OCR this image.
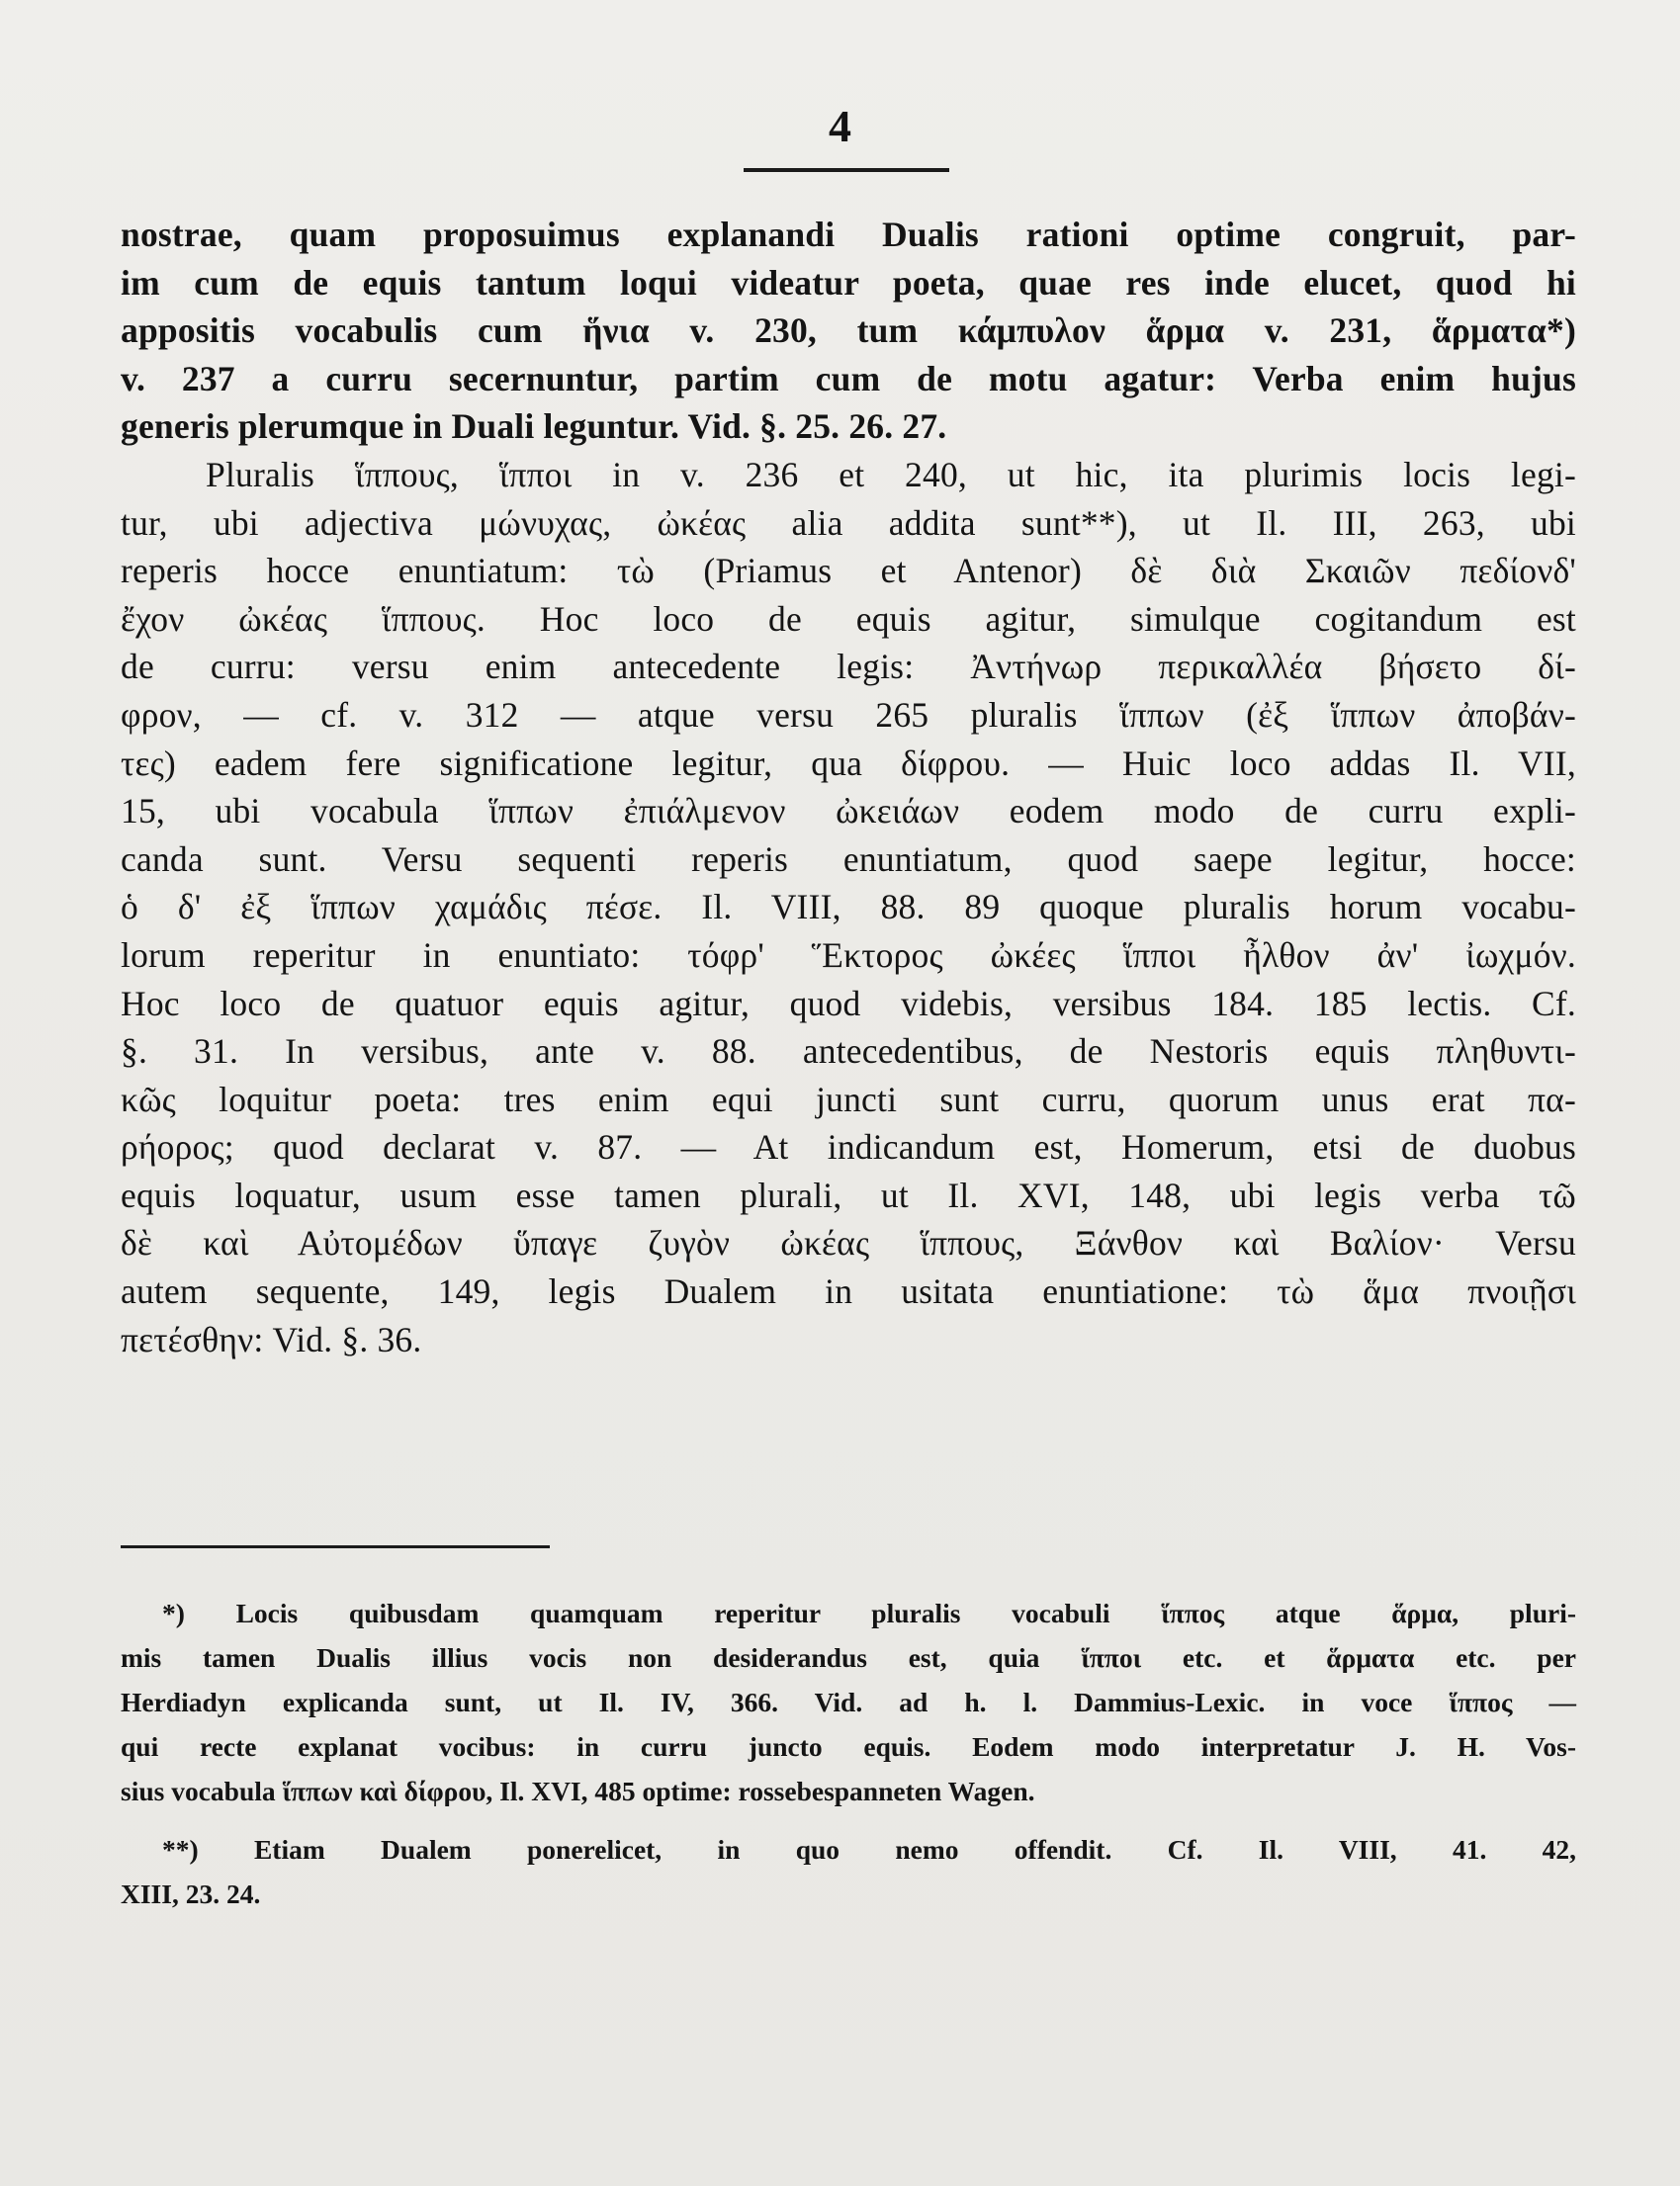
4
nostrae, quam proposuimus explanandi Dualis rationi optime congruit, par-
im cum de equis tantum loqui videatur poeta, quae res inde elucet, quod hi
appositis vocabulis cum ἥνια v. 230, tum κάμπυλον ἅρμα v. 231, ἅρματα*)
v. 237 a curru secernuntur, partim cum de motu agatur: Verba enim hujus
generis plerumque in Duali leguntur. Vid. §. 25. 26. 27.
Pluralis ἵππους, ἵπποι in v. 236 et 240, ut hic, ita plurimis locis legi-
tur, ubi adjectiva μώνυχας, ὠκέας alia addita sunt**), ut Il. III, 263, ubi
reperis hocce enuntiatum: τὼ (Priamus et Antenor) δὲ διὰ Σκαιῶν πεδίονδ'
ἔχον ὠκέας ἵππους. Hoc loco de equis agitur, simulque cogitandum est
de curru: versu enim antecedente legis: Ἀντήνωρ περικαλλέα βήσετο δί-
φρον, — cf. v. 312 — atque versu 265 pluralis ἵππων (ἐξ ἵππων ἀποβάν-
τες) eadem fere significatione legitur, qua δίφρου. — Huic loco addas Il. VII,
15, ubi vocabula ἵππων ἐπιάλμενον ὠκειάων eodem modo de curru expli-
canda sunt. Versu sequenti reperis enuntiatum, quod saepe legitur, hocce:
ὁ δ' ἐξ ἵππων χαμάδις πέσε. Il. VIII, 88. 89 quoque pluralis horum vocabu-
lorum reperitur in enuntiato: τόφρ' Ἕκτορος ὠκέες ἵπποι ἦλθον ἀν' ἰωχμόν.
Hoc loco de quatuor equis agitur, quod videbis, versibus 184. 185 lectis. Cf.
§. 31. In versibus, ante v. 88. antecedentibus, de Nestoris equis πληθυντι-
κῶς loquitur poeta: tres enim equi juncti sunt curru, quorum unus erat πα-
ρήορος; quod declarat v. 87. — At indicandum est, Homerum, etsi de duobus
equis loquatur, usum esse tamen plurali, ut Il. XVI, 148, ubi legis verba τῶ
δὲ καὶ Αὐτομέδων ὕπαγε ζυγὸν ὠκέας ἵππους, Ξάνθον καὶ Βαλίον· Versu
autem sequente, 149, legis Dualem in usitata enuntiatione: τὼ ἅμα πνοιῇσι
πετέσθην: Vid. §. 36.
*) Locis quibusdam quamquam reperitur pluralis vocabuli ἵππος atque ἅρμα, pluri-
mis tamen Dualis illius vocis non desiderandus est, quia ἵπποι etc. et ἅρματα etc. per
Herdiadyn explicanda sunt, ut Il. IV, 366. Vid. ad h. l. Dammius-Lexic. in voce ἵππος —
qui recte explanat vocibus: in curru juncto equis. Eodem modo interpretatur J. H. Vos-
sius vocabula ἵππων καὶ δίφρου, Il. XVI, 485 optime: rossebespanneten Wagen.
**) Etiam Dualem ponerelicet, in quo nemo offendit. Cf. Il. VIII, 41. 42,
XIII, 23. 24.
